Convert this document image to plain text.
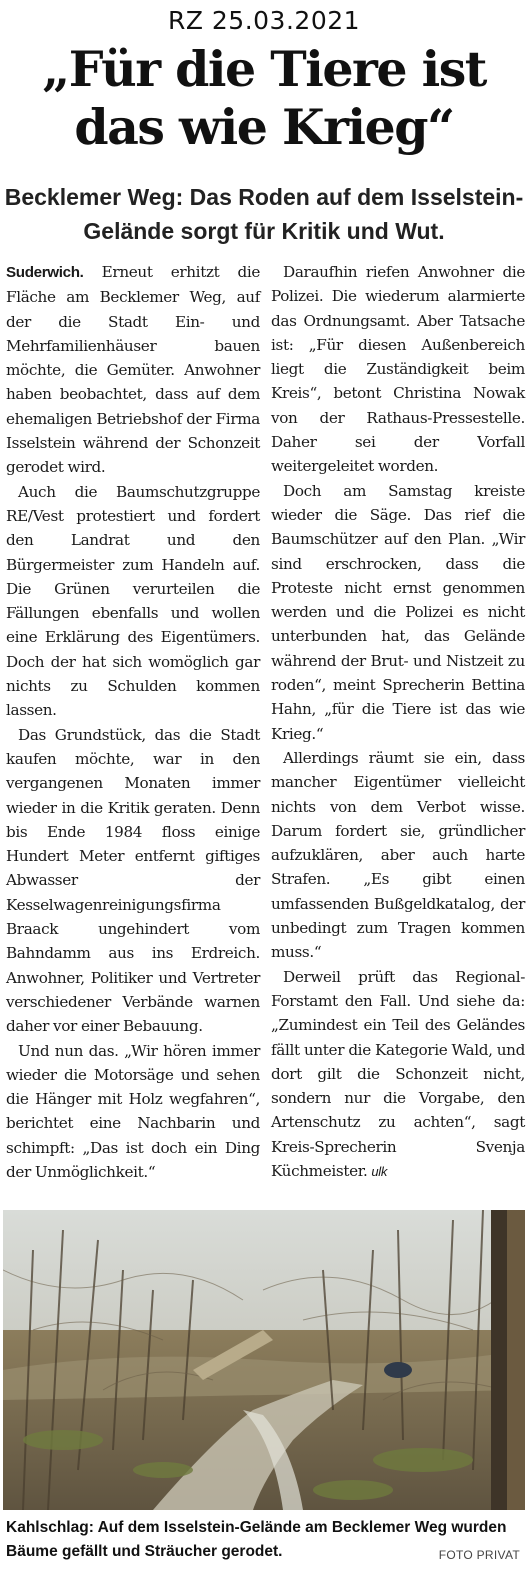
RZ 25.03.2021
„Für die Tiere ist das wie Krieg“
Becklemer Weg: Das Roden auf dem Isselstein-Gelände sorgt für Kritik und Wut.

Suderwich. Erneut erhitzt die Fläche am Becklemer Weg, auf der die Stadt Ein- und Mehrfamilienhäuser bauen möchte, die Gemüter. Anwohner haben beobachtet, dass auf dem ehemaligen Betriebshof der Firma Isselstein während der Schonzeit gerodet wird.

Auch die Baumschutzgruppe RE/Vest protestiert und fordert den Landrat und den Bürgermeister zum Handeln auf. Die Grünen verurteilen die Fällungen ebenfalls und wollen eine Erklärung des Eigentümers. Doch der hat sich womöglich gar nichts zu Schulden kommen lassen.

Das Grundstück, das die Stadt kaufen möchte, war in den vergangenen Monaten immer wieder in die Kritik geraten. Denn bis Ende 1984 floss einige Hundert Meter entfernt giftiges Abwasser der Kesselwagenreinigungsfirma Braack ungehindert vom Bahndamm aus ins Erdreich. Anwohner, Politiker und Vertreter verschiedener Verbände warnen daher vor einer Bebauung.

Und nun das. „Wir hören immer wieder die Motorsäge und sehen die Hänger mit Holz wegfahren“, berichtet eine Nachbarin und schimpft: „Das ist doch ein Ding der Unmöglichkeit.“

Daraufhin riefen Anwohner die Polizei. Die wiederum alarmierte das Ordnungsamt. Aber Tatsache ist: „Für diesen Außenbereich liegt die Zuständigkeit beim Kreis“, betont Christina Nowak von der Rathaus-Pressestelle. Daher sei der Vorfall weitergeleitet worden.

Doch am Samstag kreiste wieder die Säge. Das rief die Baumschützer auf den Plan. „Wir sind erschrocken, dass die Proteste nicht ernst genommen werden und die Polizei es nicht unterbunden hat, das Gelände während der Brut- und Nistzeit zu roden“, meint Sprecherin Bettina Hahn, „für die Tiere ist das wie Krieg.“

Allerdings räumt sie ein, dass mancher Eigentümer vielleicht nichts von dem Verbot wisse. Darum fordert sie, gründlicher aufzuklären, aber auch harte Strafen. „Es gibt einen umfassenden Bußgeldkatalog, der unbedingt zum Tragen kommen muss.“

Derweil prüft das Regional-Forstamt den Fall. Und siehe da: „Zumindest ein Teil des Geländes fällt unter die Kategorie Wald, und dort gilt die Schonzeit nicht, sondern nur die Vorgabe, den Artenschutz zu achten“, sagt Kreis-Sprecherin Svenja Küchmeister. ulk

Kahlschlag: Auf dem Isselstein-Gelände am Becklemer Weg wurden Bäume gefällt und Sträucher gerodet.	FOTO PRIVAT
